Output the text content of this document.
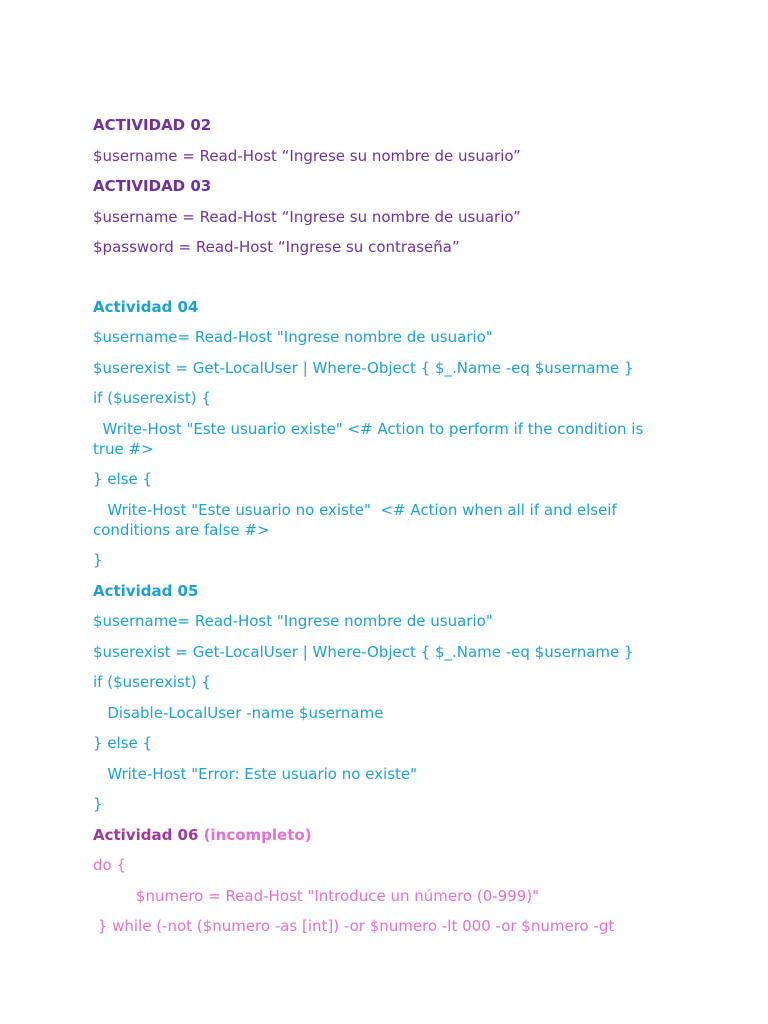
ACTIVIDAD 02
$username = Read-Host “Ingrese su nombre de usuario”
ACTIVIDAD 03
$username = Read-Host “Ingrese su nombre de usuario”
$password = Read-Host “Ingrese su contraseña”
Actividad 04
$username= Read-Host "Ingrese nombre de usuario"
$userexist = Get-LocalUser | Where-Object { $_.Name -eq $username }
if ($userexist) {
Write-Host "Este usuario existe" <# Action to perform if the condition is true #>
} else {
Write-Host "Este usuario no existe"  <# Action when all if and elseif conditions are false #>
}
Actividad 05
$username= Read-Host "Ingrese nombre de usuario"
$userexist = Get-LocalUser | Where-Object { $_.Name -eq $username }
if ($userexist) {
Disable-LocalUser -name $username
} else {
Write-Host "Error: Este usuario no existe"
}
Actividad 06 (incompleto)
do {
$numero = Read-Host "Introduce un número (0-999)"
} while (-not ($numero -as [int]) -or $numero -lt 000 -or $numero -gt
